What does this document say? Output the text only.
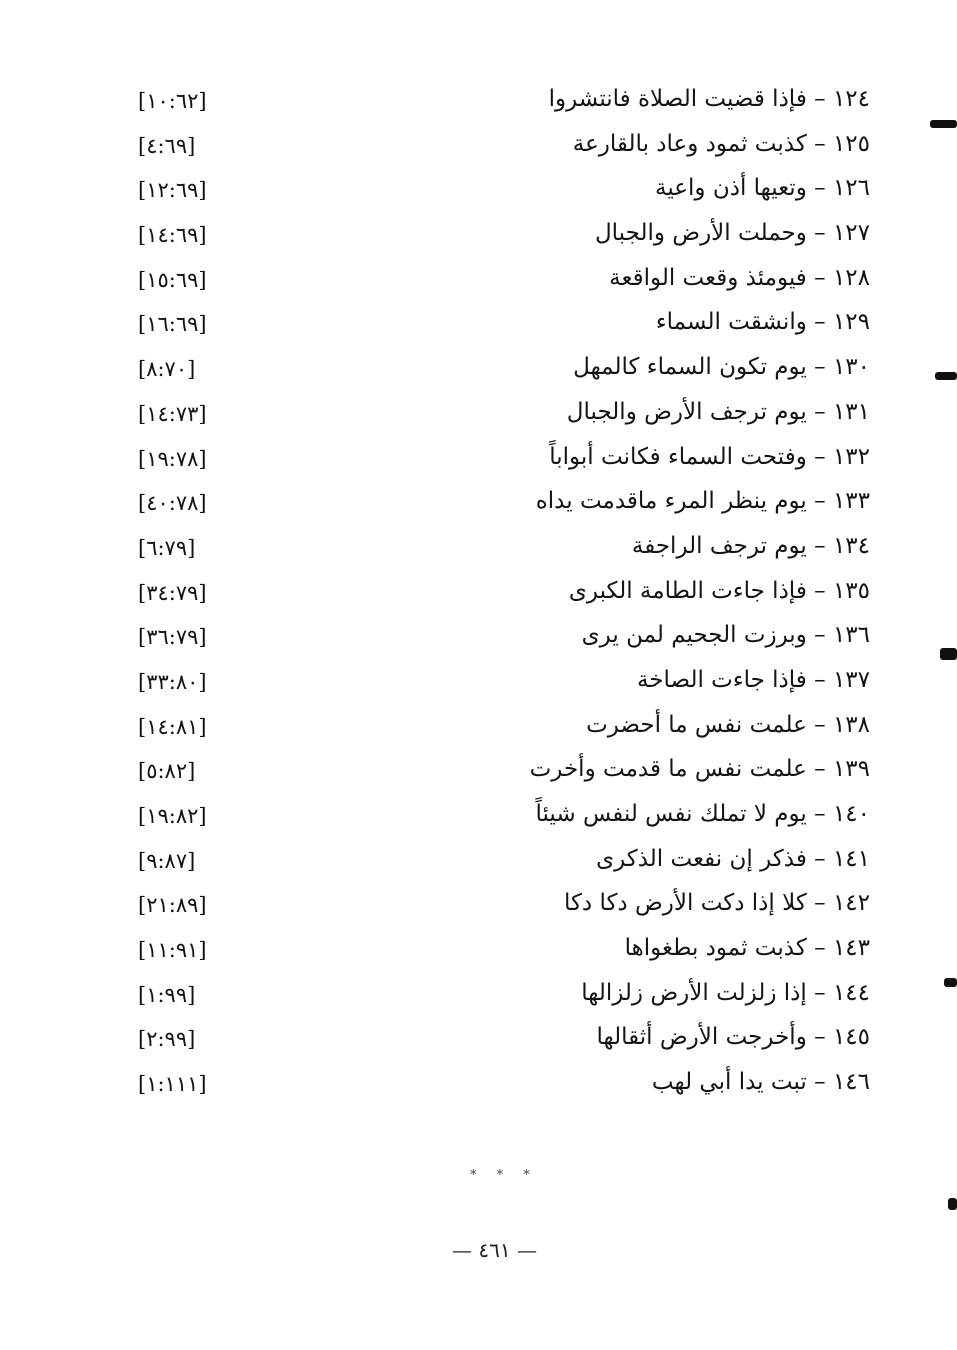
١٢٤ – فإذا قضيت الصلاة فانتشروا
[١٠:٦٢]
١٢٥ – كذبت ثمود وعاد بالقارعة
[٤:٦٩]
١٢٦ – وتعيها أذن واعية
[١٢:٦٩]
١٢٧ – وحملت الأرض والجبال
[١٤:٦٩]
١٢٨ – فيومئذ وقعت الواقعة
[١٥:٦٩]
١٢٩ – وانشقت السماء
[١٦:٦٩]
١٣٠ – يوم تكون السماء كالمهل
[٨:٧٠]
١٣١ – يوم ترجف الأرض والجبال
[١٤:٧٣]
١٣٢ – وفتحت السماء فكانت أبواباً
[١٩:٧٨]
١٣٣ – يوم ينظر المرء ماقدمت يداه
[٤٠:٧٨]
١٣٤ – يوم ترجف الراجفة
[٦:٧٩]
١٣٥ – فإذا جاءت الطامة الكبرى
[٣٤:٧٩]
١٣٦ – وبرزت الجحيم لمن يرى
[٣٦:٧٩]
١٣٧ – فإذا جاءت الصاخة
[٣٣:٨٠]
١٣٨ – علمت نفس ما أحضرت
[١٤:٨١]
١٣٩ – علمت نفس ما قدمت وأخرت
[٥:٨٢]
١٤٠ – يوم لا تملك نفس لنفس شيئاً
[١٩:٨٢]
١٤١ – فذكر إن نفعت الذكرى
[٩:٨٧]
١٤٢ – كلا إذا دكت الأرض دكا دكا
[٢١:٨٩]
١٤٣ – كذبت ثمود بطغواها
[١١:٩١]
١٤٤ – إذا زلزلت الأرض زلزالها
[١:٩٩]
١٤٥ – وأخرجت الأرض أثقالها
[٢:٩٩]
١٤٦ – تبت يدا أبي لهب
[١:١١١]
* * *
— ٤٦١ —
